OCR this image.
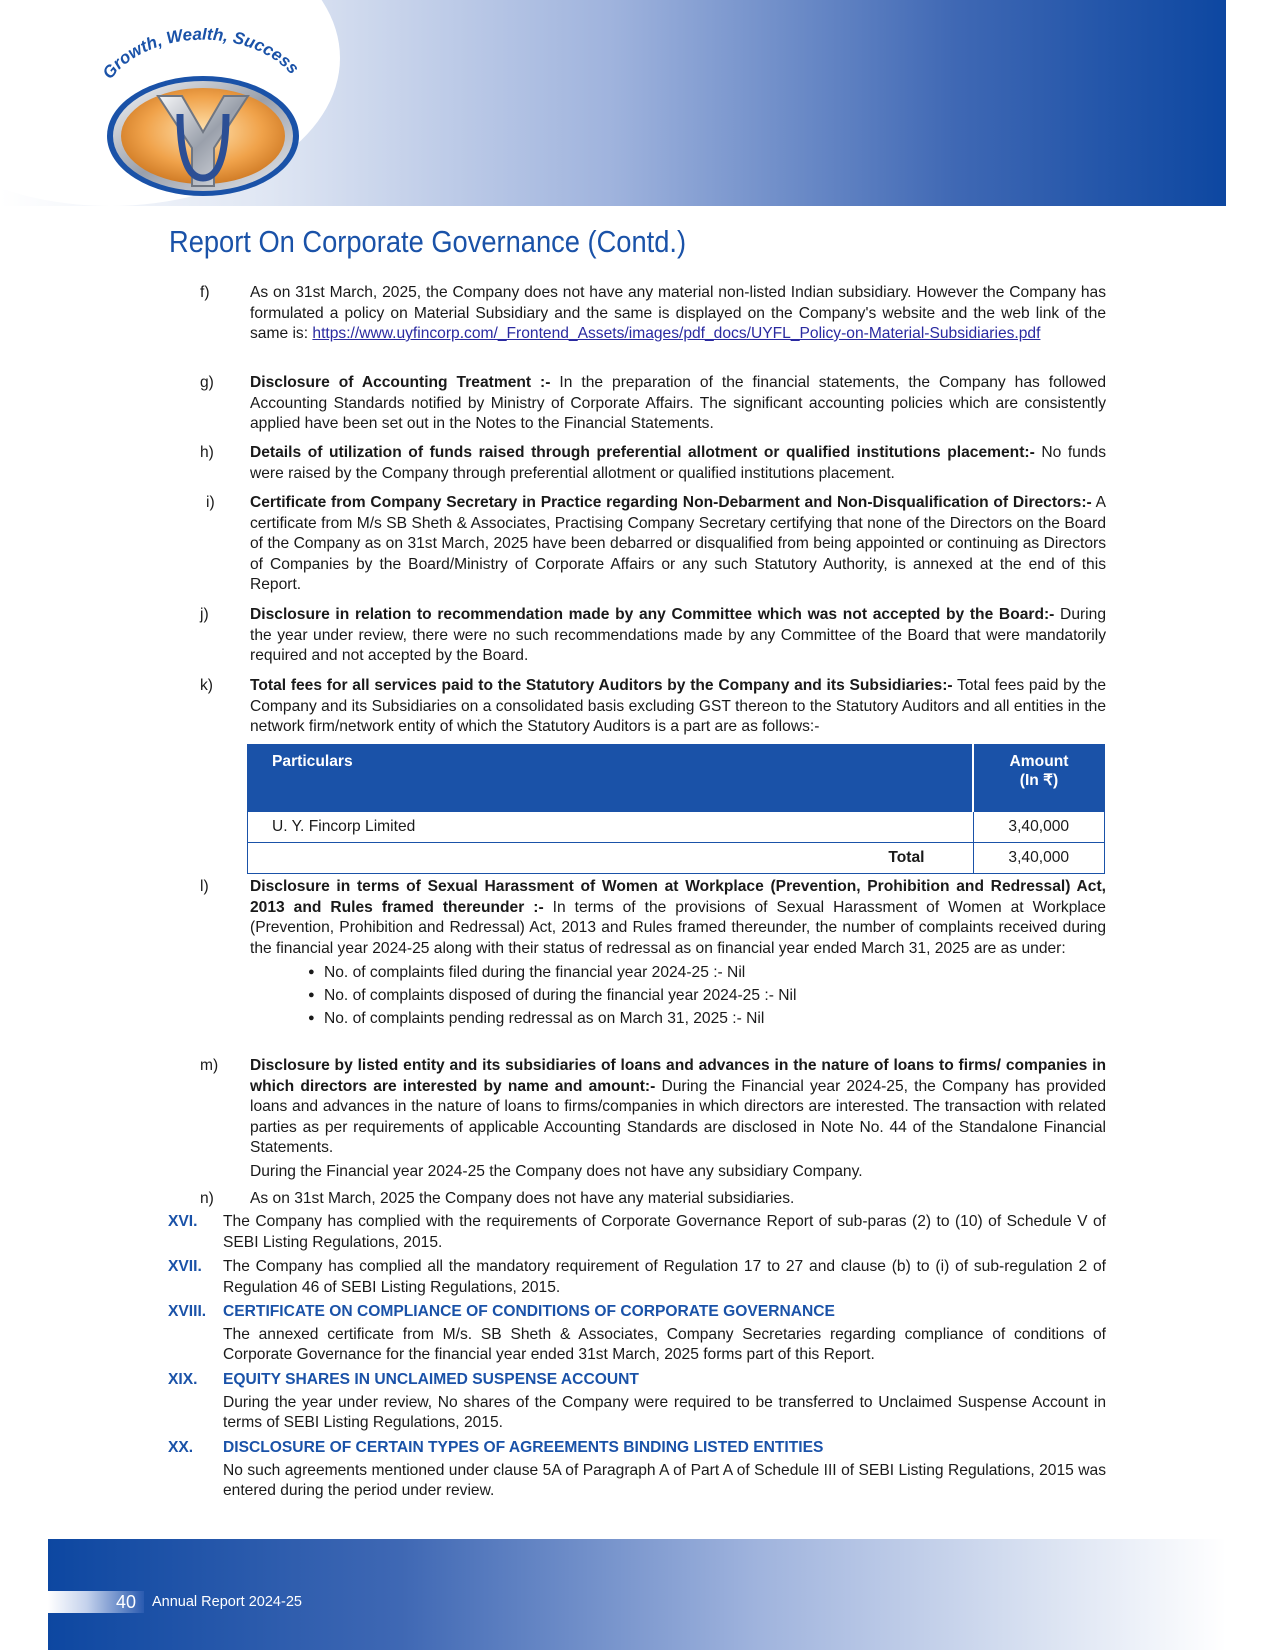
Growth, Wealth, Success
Report On Corporate Governance (Contd.)
f)	As on 31st March, 2025, the Company does not have any material non-listed Indian subsidiary. However the Company has formulated a policy on Material Subsidiary and the same is displayed on the Company's website and the web link of the same is: https://www.uyfincorp.com/_Frontend_Assets/images/pdf_docs/UYFL_Policy-on-Material-Subsidiaries.pdf
g)	Disclosure of Accounting Treatment :- In the preparation of the financial statements, the Company has followed Accounting Standards notified by Ministry of Corporate Affairs. The significant accounting policies which are consistently applied have been set out in the Notes to the Financial Statements.
h)	Details of utilization of funds raised through preferential allotment or qualified institutions placement:- No funds were raised by the Company through preferential allotment or qualified institutions placement.
i)	Certificate from Company Secretary in Practice regarding Non-Debarment and Non-Disqualification of Directors:- A certificate from M/s SB Sheth & Associates, Practising Company Secretary certifying that none of the Directors on the Board of the Company as on 31st March, 2025 have been debarred or disqualified from being appointed or continuing as Directors of Companies by the Board/Ministry of Corporate Affairs or any such Statutory Authority, is annexed at the end of this Report.
j)	Disclosure in relation to recommendation made by any Committee which was not accepted by the Board:- During the year under review, there were no such recommendations made by any Committee of the Board that were mandatorily required and not accepted by the Board.
k)	Total fees for all services paid to the Statutory Auditors by the Company and its Subsidiaries:- Total fees paid by the Company and its Subsidiaries on a consolidated basis excluding GST thereon to the Statutory Auditors and all entities in the network firm/network entity of which the Statutory Auditors is a part are as follows:-
Particulars	Amount
(In ₹)
U. Y. Fincorp Limited	3,40,000
Total	3,40,000
l)	Disclosure in terms of Sexual Harassment of Women at Workplace (Prevention, Prohibition and Redressal) Act, 2013 and Rules framed thereunder :- In terms of the provisions of Sexual Harassment of Women at Workplace (Prevention, Prohibition and Redressal) Act, 2013 and Rules framed thereunder, the number of complaints received during the financial year 2024-25 along with their status of redressal as on financial year ended March 31, 2025 are as under:
● No. of complaints filed during the financial year 2024-25 :- Nil
● No. of complaints disposed of during the financial year 2024-25 :- Nil
● No. of complaints pending redressal as on March 31, 2025 :- Nil
m)	Disclosure by listed entity and its subsidiaries of loans and advances in the nature of loans to firms/ companies in which directors are interested by name and amount:- During the Financial year 2024-25, the Company has provided loans and advances in the nature of loans to firms/companies in which directors are interested. The transaction with related parties as per requirements of applicable Accounting Standards are disclosed in Note No. 44 of the Standalone Financial Statements.
During the Financial year 2024-25 the Company does not have any subsidiary Company.
n)	As on 31st March, 2025 the Company does not have any material subsidiaries.
XVI. The Company has complied with the requirements of Corporate Governance Report of sub-paras (2) to (10) of Schedule V of SEBI Listing Regulations, 2015.
XVII. The Company has complied all the mandatory requirement of Regulation 17 to 27 and clause (b) to (i) of sub-regulation 2 of Regulation 46 of SEBI Listing Regulations, 2015.
XVIII. CERTIFICATE ON COMPLIANCE OF CONDITIONS OF CORPORATE GOVERNANCE
The annexed certificate from M/s. SB Sheth & Associates, Company Secretaries regarding compliance of conditions of Corporate Governance for the financial year ended 31st March, 2025 forms part of this Report.
XIX. EQUITY SHARES IN UNCLAIMED SUSPENSE ACCOUNT
During the year under review, No shares of the Company were required to be transferred to Unclaimed Suspense Account in terms of SEBI Listing Regulations, 2015.
XX. DISCLOSURE OF CERTAIN TYPES OF AGREEMENTS BINDING LISTED ENTITIES
No such agreements mentioned under clause 5A of Paragraph A of Part A of Schedule III of SEBI Listing Regulations, 2015 was entered during the period under review.
40 Annual Report 2024-25
